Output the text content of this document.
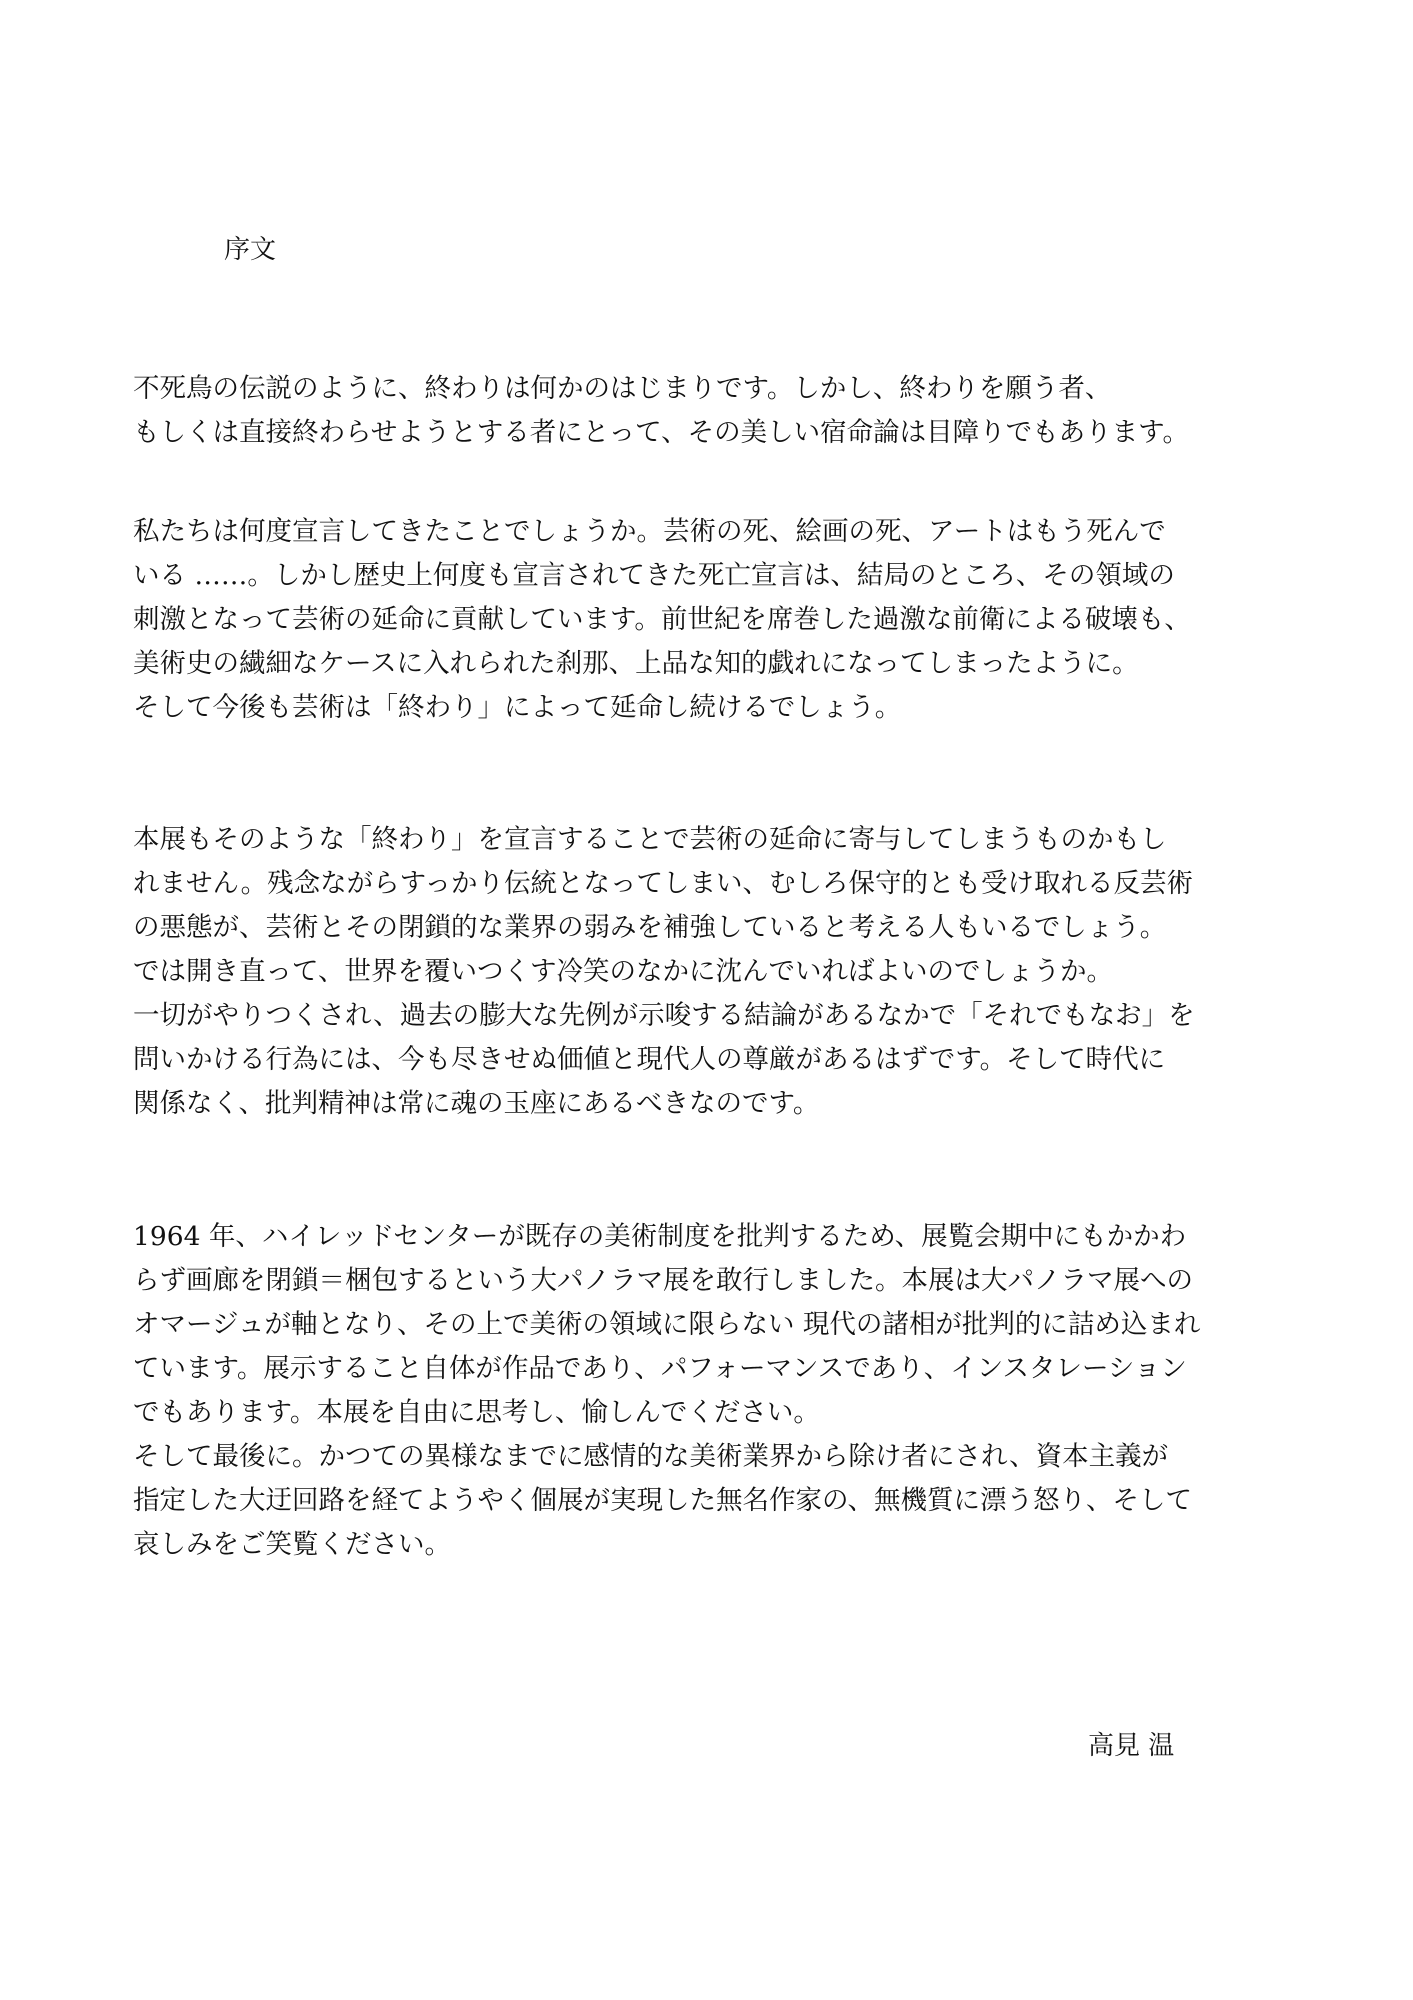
序文
不死鳥の伝説のように、終わりは何かのはじまりです。しかし、終わりを願う者、
もしくは直接終わらせようとする者にとって、その美しい宿命論は目障りでもあります。
私たちは何度宣言してきたことでしょうか。芸術の死、絵画の死、アートはもう死んで
いる ……。しかし歴史上何度も宣言されてきた死亡宣言は、結局のところ、その領域の
刺激となって芸術の延命に貢献しています。前世紀を席巻した過激な前衛による破壊も、
美術史の繊細なケースに入れられた刹那、上品な知的戯れになってしまったように。
そして今後も芸術は「終わり」によって延命し続けるでしょう。
本展もそのような「終わり」を宣言することで芸術の延命に寄与してしまうものかもし
れません。残念ながらすっかり伝統となってしまい、むしろ保守的とも受け取れる反芸術
の悪態が、芸術とその閉鎖的な業界の弱みを補強していると考える人もいるでしょう。
では開き直って、世界を覆いつくす冷笑のなかに沈んでいればよいのでしょうか。
一切がやりつくされ、過去の膨大な先例が示唆する結論があるなかで「それでもなお」を
問いかける行為には、今も尽きせぬ価値と現代人の尊厳があるはずです。そして時代に
関係なく、批判精神は常に魂の玉座にあるべきなのです。
1964 年、ハイレッドセンターが既存の美術制度を批判するため、展覧会期中にもかかわ
らず画廊を閉鎖＝梱包するという大パノラマ展を敢行しました。本展は大パノラマ展への
オマージュが軸となり、その上で美術の領域に限らない 現代の諸相が批判的に詰め込まれ
ています。展示すること自体が作品であり、パフォーマンスであり、インスタレーション
でもあります。本展を自由に思考し、愉しんでください。
そして最後に。かつての異様なまでに感情的な美術業界から除け者にされ、資本主義が
指定した大迂回路を経てようやく個展が実現した無名作家の、無機質に漂う怒り、そして
哀しみをご笑覧ください。
高見 温
